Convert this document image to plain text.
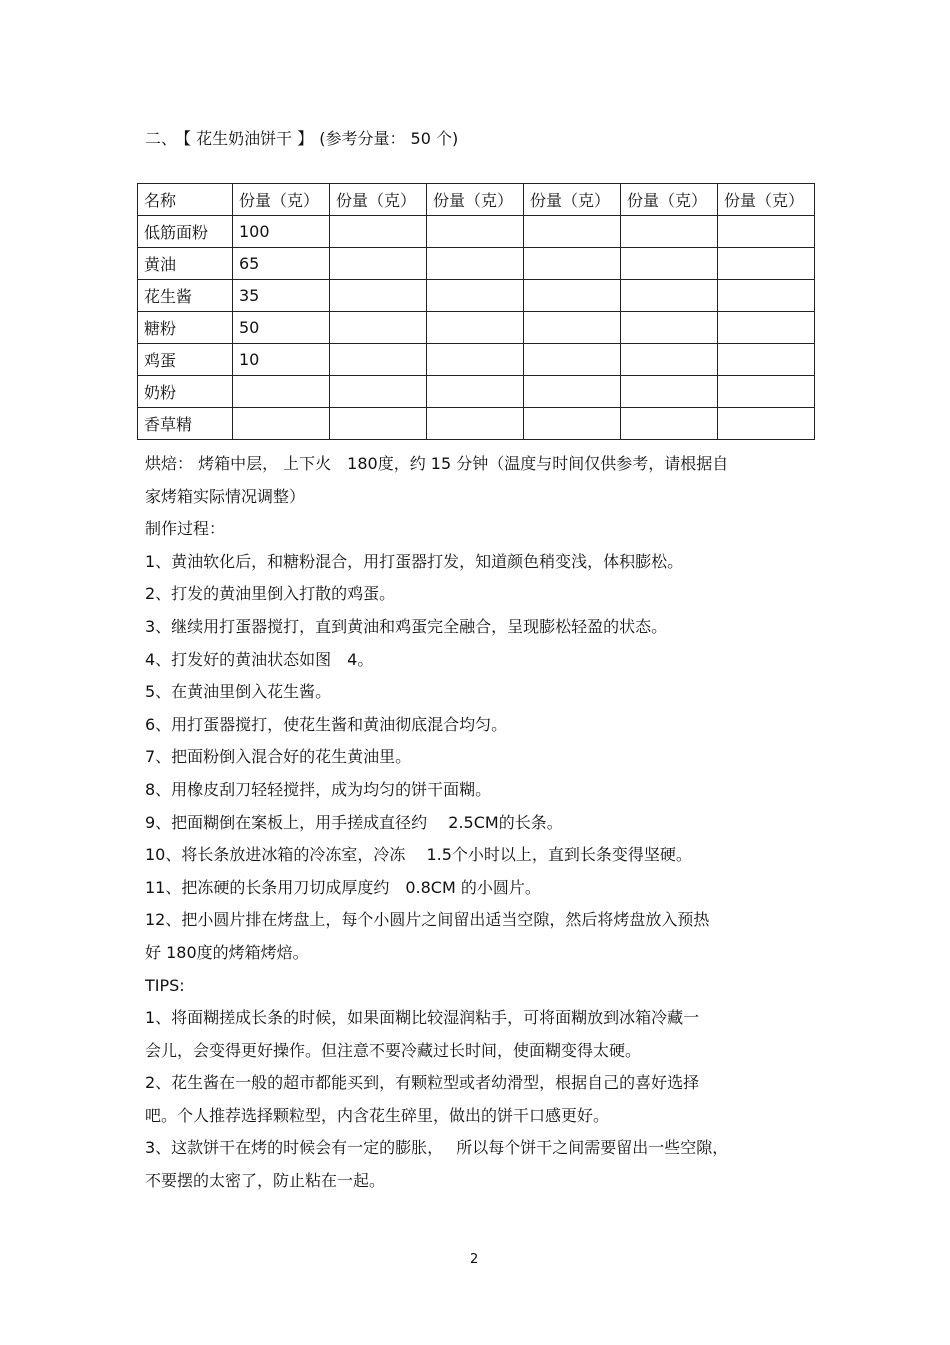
二、 【 花生奶油饼干 】 (参考分量： 50 个)
名称	份量（克）	份量（克）	份量（克）	份量（克）	份量（克）	份量（克）
低筋面粉	100					
黄油	65					
花生酱	35					
糖粉	50					
鸡蛋	10					
奶粉						
香草精						

烘焙： 烤箱中层， 上下火　180度，约 15 分钟（温度与时间仅供参考，请根据自

家烤箱实际情况调整）

制作过程：

1、黄油软化后，和糖粉混合，用打蛋器打发，知道颜色稍变浅，体积膨松。

2、打发的黄油里倒入打散的鸡蛋。

3、继续用打蛋器搅打，直到黄油和鸡蛋完全融合，呈现膨松轻盈的状态。

4、打发好的黄油状态如图　4。

5、在黄油里倒入花生酱。

6、用打蛋器搅打，使花生酱和黄油彻底混合均匀。

7、把面粉倒入混合好的花生黄油里。

8、用橡皮刮刀轻轻搅拌，成为均匀的饼干面糊。

9、把面糊倒在案板上，用手搓成直径约　 2.5CM的长条。

10、将长条放进冰箱的冷冻室，冷冻　 1.5个小时以上，直到长条变得坚硬。

11、把冻硬的长条用刀切成厚度约　0.8CM 的小圆片。

12、把小圆片排在烤盘上，每个小圆片之间留出适当空隙，然后将烤盘放入预热

好 180度的烤箱烤焙。

TIPS:

1、将面糊搓成长条的时候，如果面糊比较湿润粘手，可将面糊放到冰箱冷藏一

会儿，会变得更好操作。但注意不要冷藏过长时间，使面糊变得太硬。

2、花生酱在一般的超市都能买到，有颗粒型或者幼滑型，根据自己的喜好选择

吧。个人推荐选择颗粒型，内含花生碎里，做出的饼干口感更好。

3、这款饼干在烤的时候会有一定的膨胀，　 所以每个饼干之间需要留出一些空隙，

不要摆的太密了，防止粘在一起。

2
